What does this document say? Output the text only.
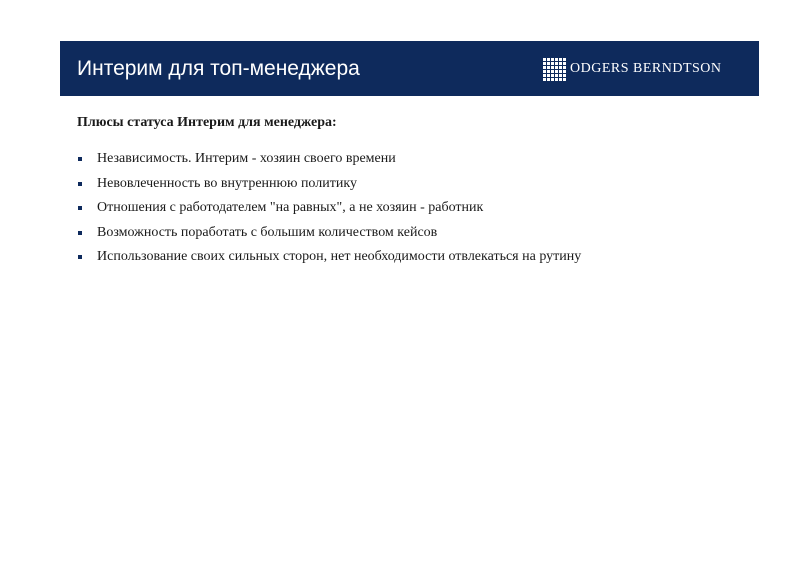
Интерим для топ-менеджера	ODGERS BERNDTSON
Плюсы статуса Интерим для менеджера:
Независимость. Интерим - хозяин своего времени
Невовлеченность во внутреннюю политику
Отношения с работодателем "на равных", а не хозяин - работник
Возможность поработать с большим количеством кейсов
Использование своих сильных сторон, нет необходимости отвлекаться на рутину
